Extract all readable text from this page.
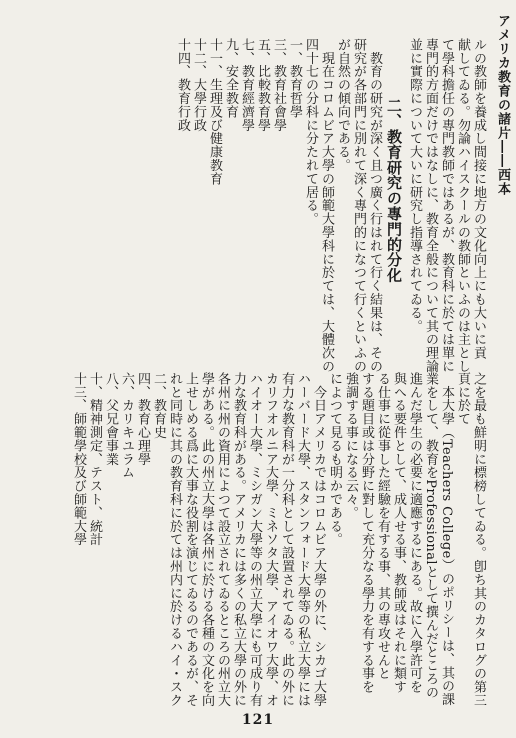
アメリカ教育の諸片――西本
ルの教師を養成し間接に地方の文化向上にも大いに貢
献してゐる。勿論ハイスクールの教師といふのは主とし
て學科擔任の專門教師ではあるが、教育科に於ては單に
專門的方面だけではなしに、教育全般について其の理論
並に實際について大いに研究し指導されてゐる。
二、教育研究の專門的分化
　教育の研究が深く且つ廣く行はれて行く結果は、その
研究が各部門に別れて深く專門的になつて行くといふの
が自然の傾向である。
　現在コロムビア大學の師範大學科に於ては、大體次の
四十七の分科に分たれて居る。
一、教育哲學
三、教育社會學
五、比較教育學
七、教育經濟學
九、安全教育
十一、生理及び健康教育
十二、大學行政
十四、教育行政
之を最も鮮明に標榜してゐる。卽ち其のカタログの第三
頁に於て
　本大學（Teachers College）のポリシーは、其の課
業をして、教育をProfessionalとして撰んだところの
進んだ學生の必要に適應するにある。故に入學許可を
與へる要件として、成人せる事、教師或はそれに類す
る仕事に從事した經驗を有する事、其の專攻せんと
する題目或は分野に對して充分なる學力を有する事を
強調する事になる云々。
によつて見るも明かである。
　今日アメリカではコロムビア大學の外に、シカゴ大學
ハーバード大學、スタンフォード大學等の私立大學には
有力な教育科が一分科として設置されてゐる。此の外に
カリフオルニア大學、ミネソタ大學、アイオワ大學、オ
ハイオー大學、ミシガン大學等の州立大學にも可成り有
力な教育科がある。アメリカには多くの私立大學の外に
各州に州の資用によつて設立されてゐるところの州立大
學がある。此の州立大學は各州に於ける各種の文化を向
上せしめる爲に大事な役割を演じてゐるのであるが、そ
れと同時に其の教育科に於ては州内に於けるハイ・スク
二、教育史
四、教育心理學
六、カリキユラム
八、父兄會事業
十、精神測定、テスト、統計
十三、師範學校及び師範大學
121
